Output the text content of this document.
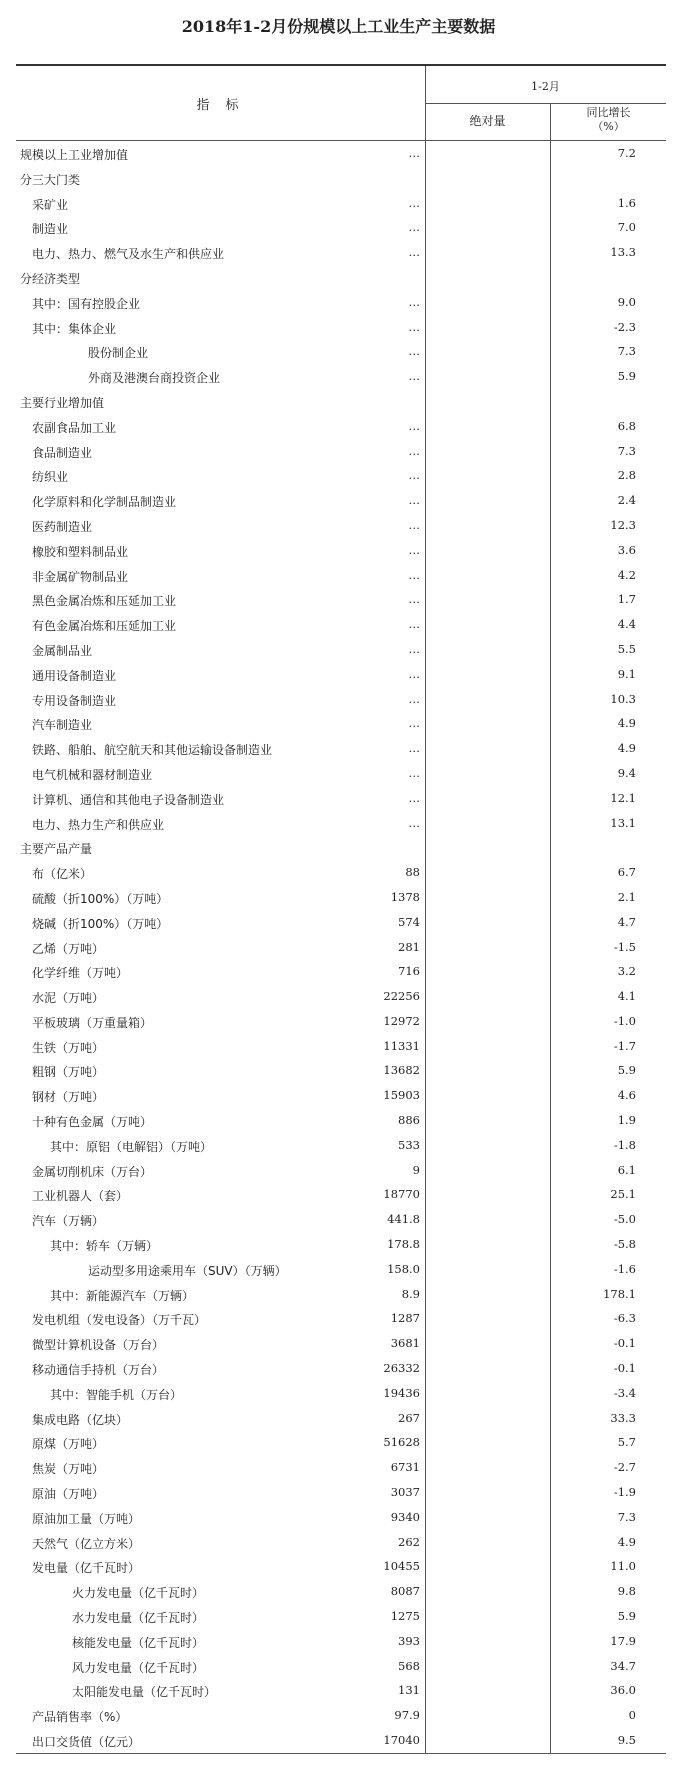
2018年1-2月份规模以上工业生产主要数据
指 标
1-2月
绝对量
同比增长
（%）
规模以上工业增加值	…	7.2
分三大门类
采矿业	…	1.6
制造业	…	7.0
电力、热力、燃气及水生产和供应业	…	13.3
分经济类型
其中：国有控股企业	…	9.0
其中：集体企业	…	-2.3
股份制企业	…	7.3
外商及港澳台商投资企业	…	5.9
主要行业增加值
农副食品加工业	…	6.8
食品制造业	…	7.3
纺织业	…	2.8
化学原料和化学制品制造业	…	2.4
医药制造业	…	12.3
橡胶和塑料制品业	…	3.6
非金属矿物制品业	…	4.2
黑色金属冶炼和压延加工业	…	1.7
有色金属冶炼和压延加工业	…	4.4
金属制品业	…	5.5
通用设备制造业	…	9.1
专用设备制造业	…	10.3
汽车制造业	…	4.9
铁路、船舶、航空航天和其他运输设备制造业	…	4.9
电气机械和器材制造业	…	9.4
计算机、通信和其他电子设备制造业	…	12.1
电力、热力生产和供应业	…	13.1
主要产品产量
布（亿米）	88	6.7
硫酸（折100%）（万吨）	1378	2.1
烧碱（折100%）（万吨）	574	4.7
乙烯（万吨）	281	-1.5
化学纤维（万吨）	716	3.2
水泥（万吨）	22256	4.1
平板玻璃（万重量箱）	12972	-1.0
生铁（万吨）	11331	-1.7
粗钢（万吨）	13682	5.9
钢材（万吨）	15903	4.6
十种有色金属（万吨）	886	1.9
其中：原铝（电解铝）（万吨）	533	-1.8
金属切削机床（万台）	9	6.1
工业机器人（套）	18770	25.1
汽车（万辆）	441.8	-5.0
其中：轿车（万辆）	178.8	-5.8
运动型多用途乘用车（SUV）（万辆）	158.0	-1.6
其中：新能源汽车（万辆）	8.9	178.1
发电机组（发电设备）（万千瓦）	1287	-6.3
微型计算机设备（万台）	3681	-0.1
移动通信手持机（万台）	26332	-0.1
其中：智能手机（万台）	19436	-3.4
集成电路（亿块）	267	33.3
原煤（万吨）	51628	5.7
焦炭（万吨）	6731	-2.7
原油（万吨）	3037	-1.9
原油加工量（万吨）	9340	7.3
天然气（亿立方米）	262	4.9
发电量（亿千瓦时）	10455	11.0
火力发电量（亿千瓦时）	8087	9.8
水力发电量（亿千瓦时）	1275	5.9
核能发电量（亿千瓦时）	393	17.9
风力发电量（亿千瓦时）	568	34.7
太阳能发电量（亿千瓦时）	131	36.0
产品销售率（%）	97.9	0
出口交货值（亿元）	17040	9.5
